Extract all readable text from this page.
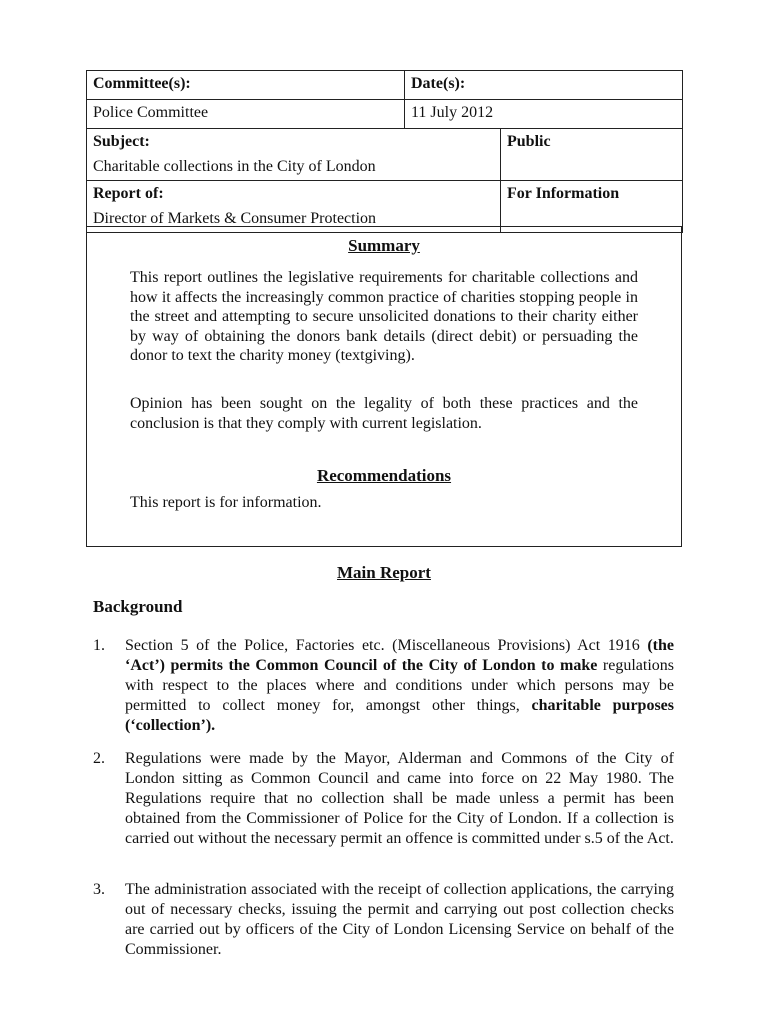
Committee(s):	Date(s):	
Police Committee	11 July 2012	

Subject:
Charitable collections in the City of London		Public

Report of:
Director of Markets & Consumer Protection		For Information
Summary
This report outlines the legislative requirements for charitable collections and how it affects the increasingly common practice of charities stopping people in the street and attempting to secure unsolicited donations to their charity either by way of obtaining the donors bank details (direct debit) or persuading the donor to text the charity money (textgiving).
Opinion has been sought on the legality of both these practices and the conclusion is that they comply with current legislation.
Recommendations
This report is for information.
Main Report
Background
1. Section 5 of the Police, Factories etc. (Miscellaneous Provisions) Act 1916 (the ‘Act’) permits the Common Council of the City of London to make regulations with respect to the places where and conditions under which persons may be permitted to collect money for, amongst other things, charitable purposes (‘collection’).
2. Regulations were made by the Mayor, Alderman and Commons of the City of London sitting as Common Council and came into force on 22 May 1980. The Regulations require that no collection shall be made unless a permit has been obtained from the Commissioner of Police for the City of London. If a collection is carried out without the necessary permit an offence is committed under s.5 of the Act.
3. The administration associated with the receipt of collection applications, the carrying out of necessary checks, issuing the permit and carrying out post collection checks are carried out by officers of the City of London Licensing Service on behalf of the Commissioner.
